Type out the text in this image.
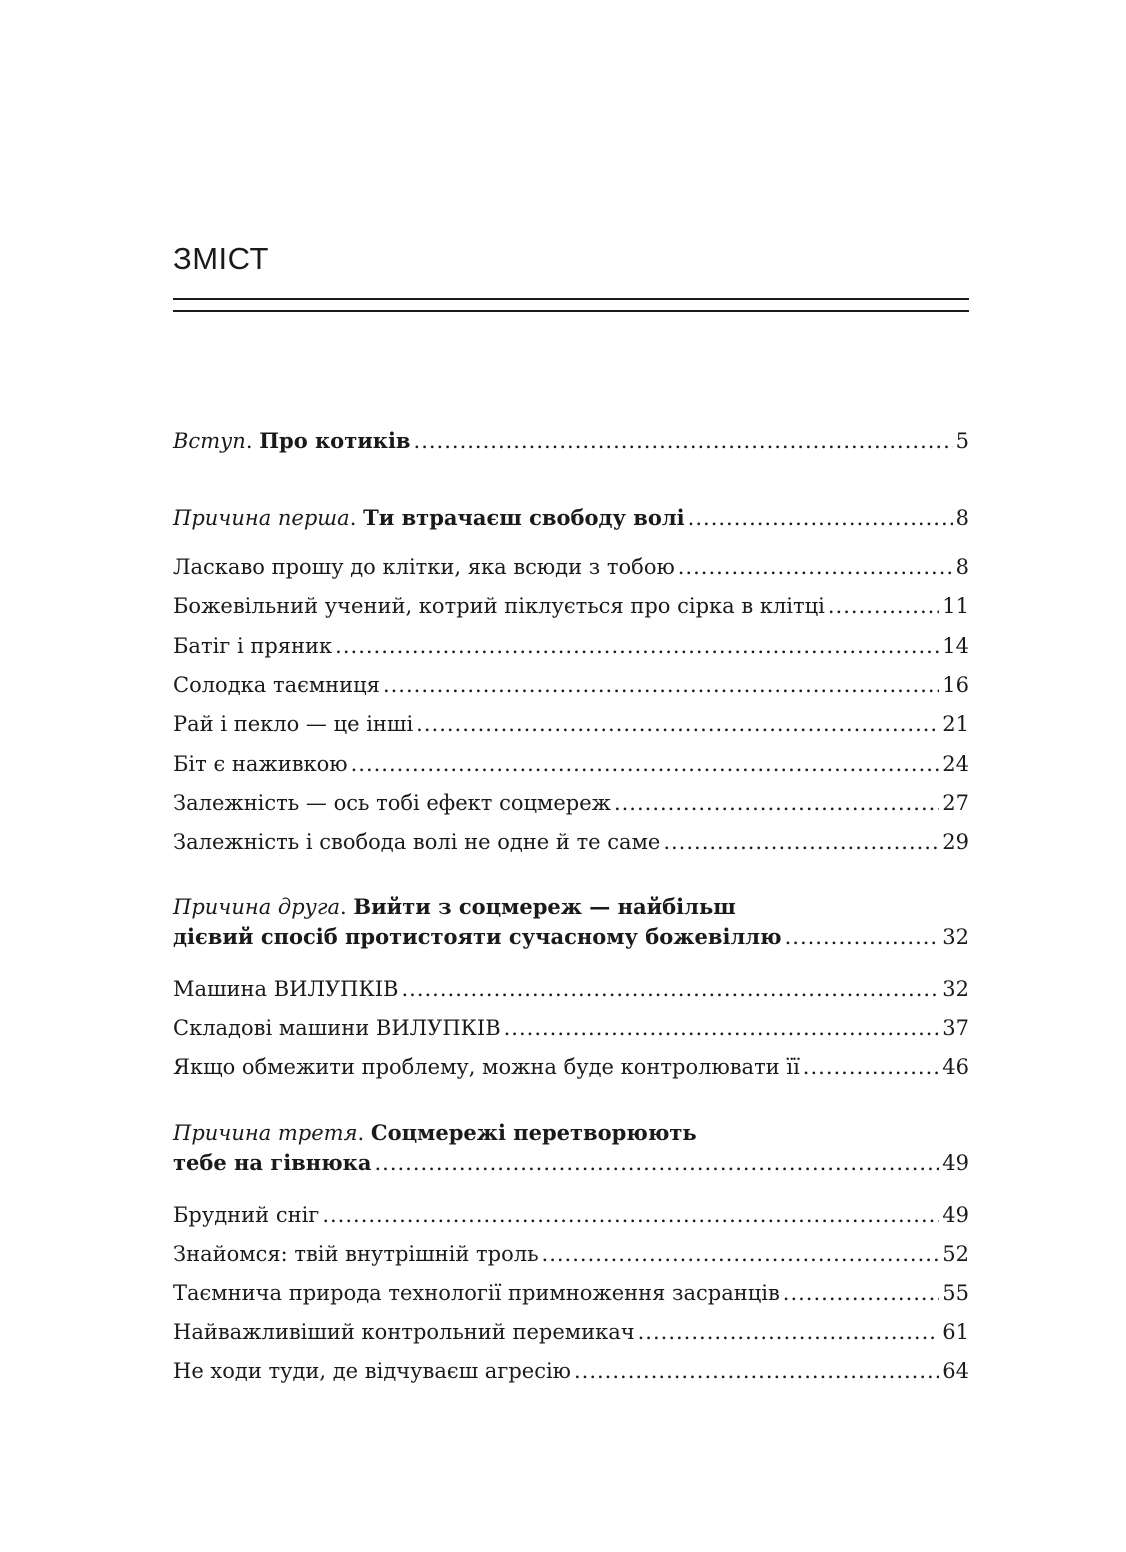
ЗМІСТ
Вступ. Про котиків .....	5
Причина перша. Ти втрачаєш свободу волі .....	8
Ласкаво прошу до клітки, яка всюди з тобою .....	8
Божевільний учений, котрий піклується про сірка в клітці .....	11
Батіг і пряник .....	14
Солодка таємниця .....	16
Рай і пекло — це інші .....	21
Біт є наживкою .....	24
Залежність — ось тобі ефект соцмереж .....	27
Залежність і свобода волі не одне й те саме .....	29
Причина друга. Вийти з соцмереж — найбільш
дієвий спосіб протистояти сучасному божевіллю .....	32
Машина ВИЛУПКІВ .....	32
Складові машини ВИЛУПКІВ .....	37
Якщо обмежити проблему, можна буде контролювати її .....	46
Причина третя. Соцмережі перетворюють
тебе на гівнюка .....	49
Брудний сніг .....	49
Знайомся: твій внутрішній троль .....	52
Таємнича природа технології примноження засранців .....	55
Найважливіший контрольний перемикач .....	61
Не ходи туди, де відчуваєш агресію .....	64
